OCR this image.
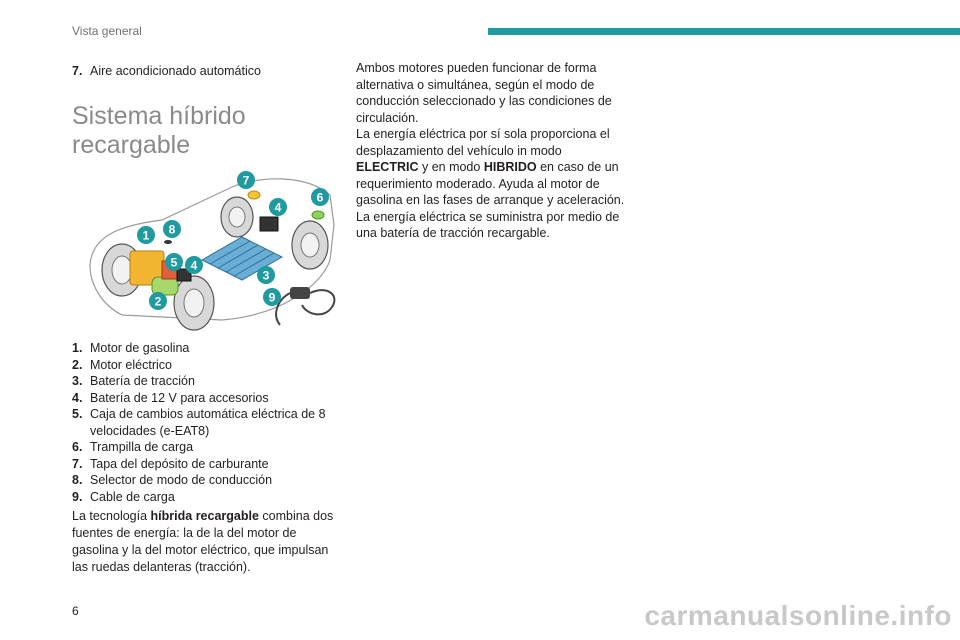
Vista general
7. Aire acondicionado automático
Sistema híbrido recargable
1
2
3
4
4
5
6
7
8
9
1. Motor de gasolina
2. Motor eléctrico
3. Batería de tracción
4. Batería de 12 V para accesorios
5. Caja de cambios automática eléctrica de 8 velocidades (e-EAT8)
6. Trampilla de carga
7. Tapa del depósito de carburante
8. Selector de modo de conducción
9. Cable de carga

La tecnología híbrida recargable combina dos fuentes de energía: la de la del motor de gasolina y la del motor eléctrico, que impulsan las ruedas delanteras (tracción).

Ambos motores pueden funcionar de forma alternativa o simultánea, según el modo de conducción seleccionado y las condiciones de circulación.
La energía eléctrica por sí sola proporciona el desplazamiento del vehículo in modo ELECTRIC y en modo HIBRIDO en caso de un requerimiento moderado. Ayuda al motor de gasolina en las fases de arranque y aceleración.
La energía eléctrica se suministra por medio de una batería de tracción recargable.
6	carmanualsonline.info
